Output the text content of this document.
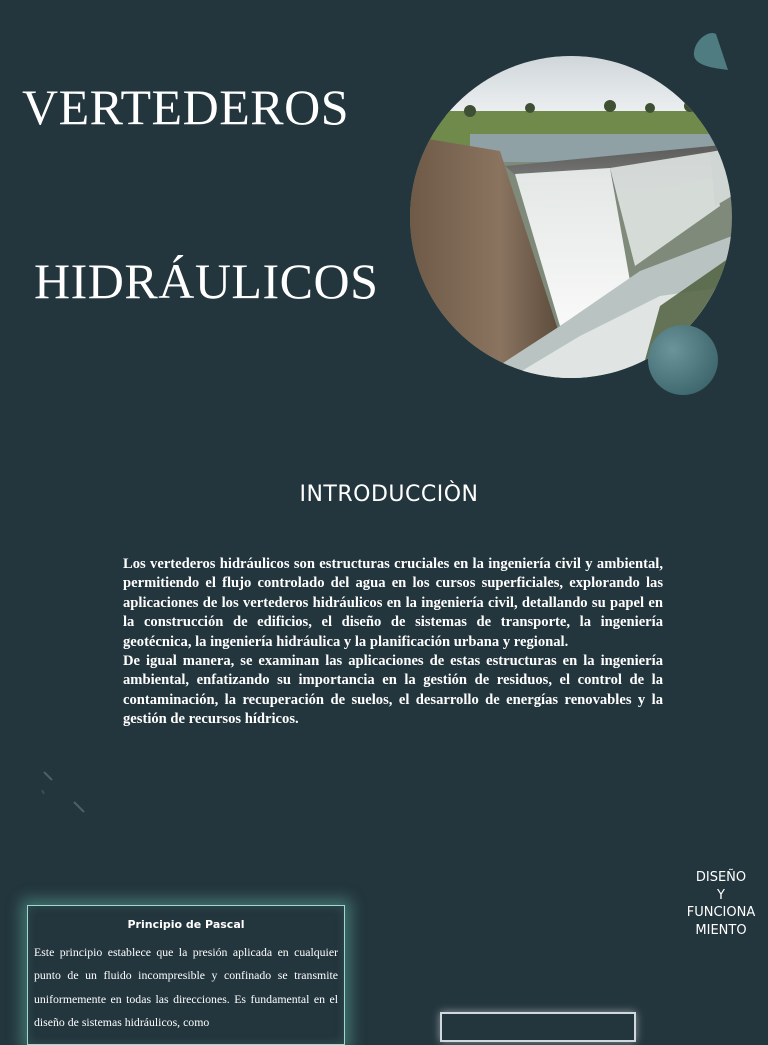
VERTEDEROS
HIDRÁULICOS
INTRODUCCIÒN

Los vertederos hidráulicos son estructuras cruciales en la ingeniería civil y ambiental, permitiendo el flujo controlado del agua en los cursos superficiales, explorando las aplicaciones de los vertederos hidráulicos en la ingeniería civil, detallando su papel en la construcción de edificios, el diseño de sistemas de transporte, la ingeniería geotécnica, la ingeniería hidráulica y la planificación urbana y regional.

De igual manera, se examinan las aplicaciones de estas estructuras en la ingeniería ambiental, enfatizando su importancia en la gestión de residuos, el control de la contaminación, la recuperación de suelos, el desarrollo de energías renovables y la gestión de recursos hídricos.

DISEÑO
Y
FUNCIONA
MIENTO
Principio de Pascal
Este principio establece que la presión aplicada en cualquier punto de un fluido incompresible y confinado se transmite uniformemente en todas las direcciones. Es fundamental en el diseño de sistemas hidráulicos, como
